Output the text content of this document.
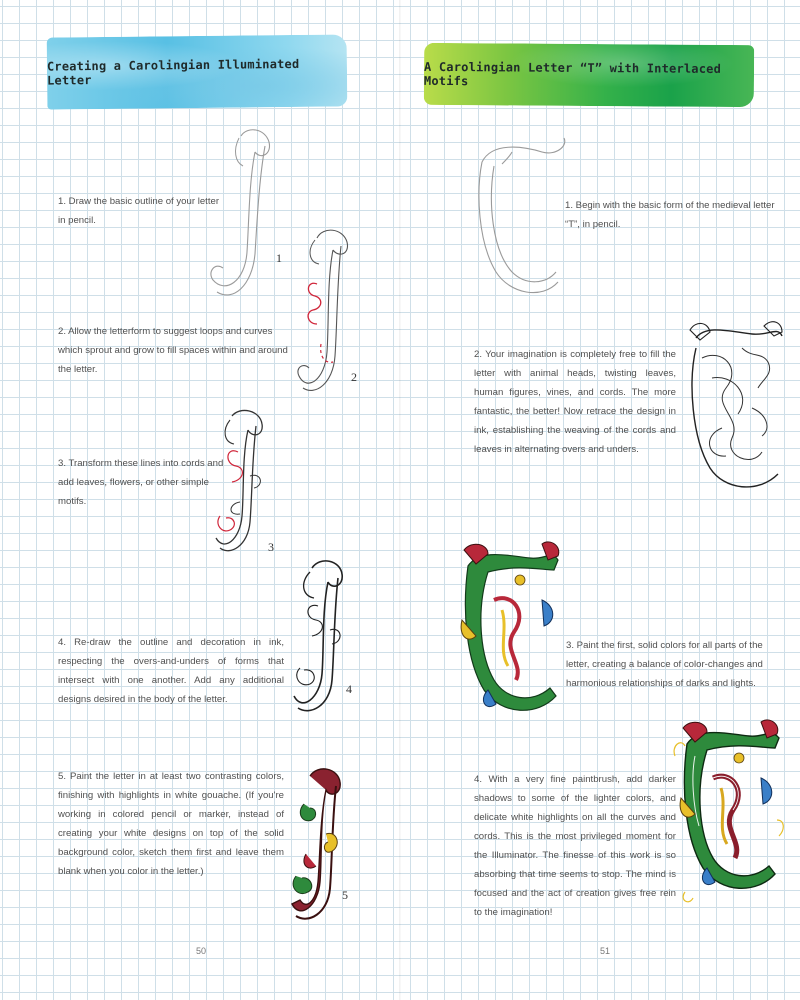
Creating a Carolingian Illuminated Letter
1. Draw the basic outline of your letter in pencil.
2. Allow the letterform to suggest loops and curves which sprout and grow to fill spaces within and around the letter.
3. Transform these lines into cords and add leaves, flowers, or other simple motifs.
4. Re-draw the outline and decoration in ink, respecting the overs-and-unders of forms that intersect with one another. Add any additional designs desired in the body of the letter.
5. Paint the letter in at least two contrasting colors, finishing with highlights in white gouache. (If you're working in colored pencil or marker, instead of creating your white designs on top of the solid background color, sketch them first and leave them blank when you color in the letter.)
1
2
3
4
5
50
A Carolingian Letter “T” with Interlaced Motifs
1. Begin with the basic form of the medieval letter “T”, in pencil.
2. Your imagination is completely free to fill the letter with animal heads, twisting leaves, human figures, vines, and cords. The more fantastic, the better! Now retrace the design in ink, establishing the weaving of the cords and leaves in alternating overs and unders.
3. Paint the first, solid colors for all parts of the letter, creating a balance of color-changes and harmonious relationships of darks and lights.
4. With a very fine paintbrush, add darker shadows to some of the lighter colors, and delicate white highlights on all the curves and cords. This is the most privileged moment for the Illuminator. The finesse of this work is so absorbing that time seems to stop. The mind is focused and the act of creation gives free rein to the imagination!
51
